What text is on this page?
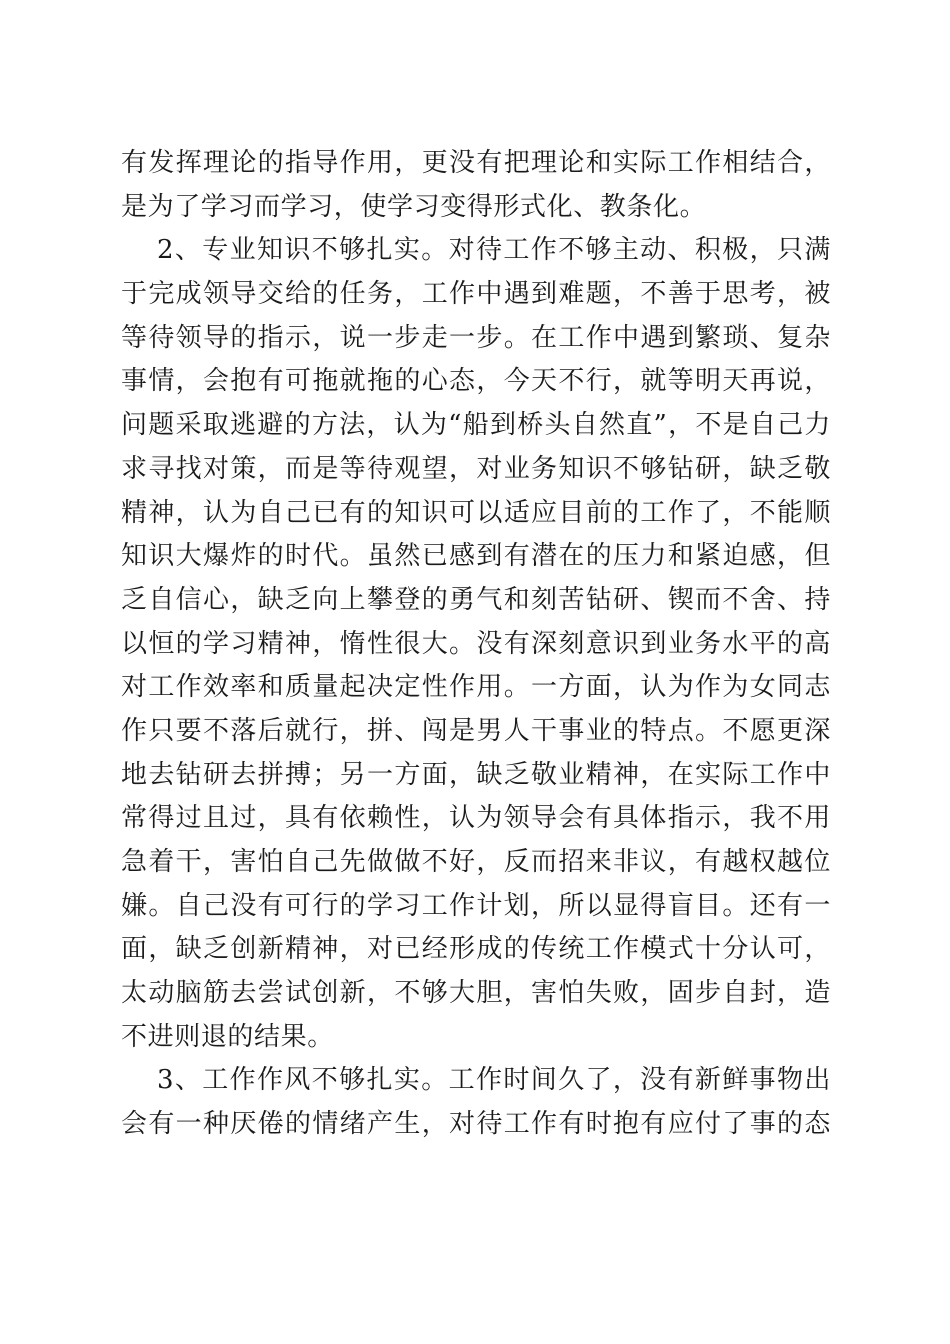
有发挥理论的指导作用，更没有把理论和实际工作相结合，
是为了学习而学习，使学习变得形式化、教条化。
2、专业知识不够扎实。对待工作不够主动、积极，只满
于完成领导交给的任务，工作中遇到难题，不善于思考，被
等待领导的指示，说一步走一步。在工作中遇到繁琐、复杂
事情，会抱有可拖就拖的心态，今天不行，就等明天再说，
问题采取逃避的方法，认为“船到桥头自然直”，不是自己力
求寻找对策，而是等待观望，对业务知识不够钻研，缺乏敬
精神，认为自己已有的知识可以适应目前的工作了，不能顺
知识大爆炸的时代。虽然已感到有潜在的压力和紧迫感，但
乏自信心，缺乏向上攀登的勇气和刻苦钻研、锲而不舍、持
以恒的学习精神，惰性很大。没有深刻意识到业务水平的高
对工作效率和质量起决定性作用。一方面，认为作为女同志
作只要不落后就行，拼、闯是男人干事业的特点。不愿更深
地去钻研去拼搏；另一方面，缺乏敬业精神，在实际工作中
常得过且过，具有依赖性，认为领导会有具体指示，我不用
急着干，害怕自己先做做不好，反而招来非议，有越权越位
嫌。自己没有可行的学习工作计划，所以显得盲目。还有一
面，缺乏创新精神，对已经形成的传统工作模式十分认可，
太动脑筋去尝试创新，不够大胆，害怕失败，固步自封，造
不进则退的结果。
3、工作作风不够扎实。工作时间久了，没有新鲜事物出
会有一种厌倦的情绪产生，对待工作有时抱有应付了事的态
